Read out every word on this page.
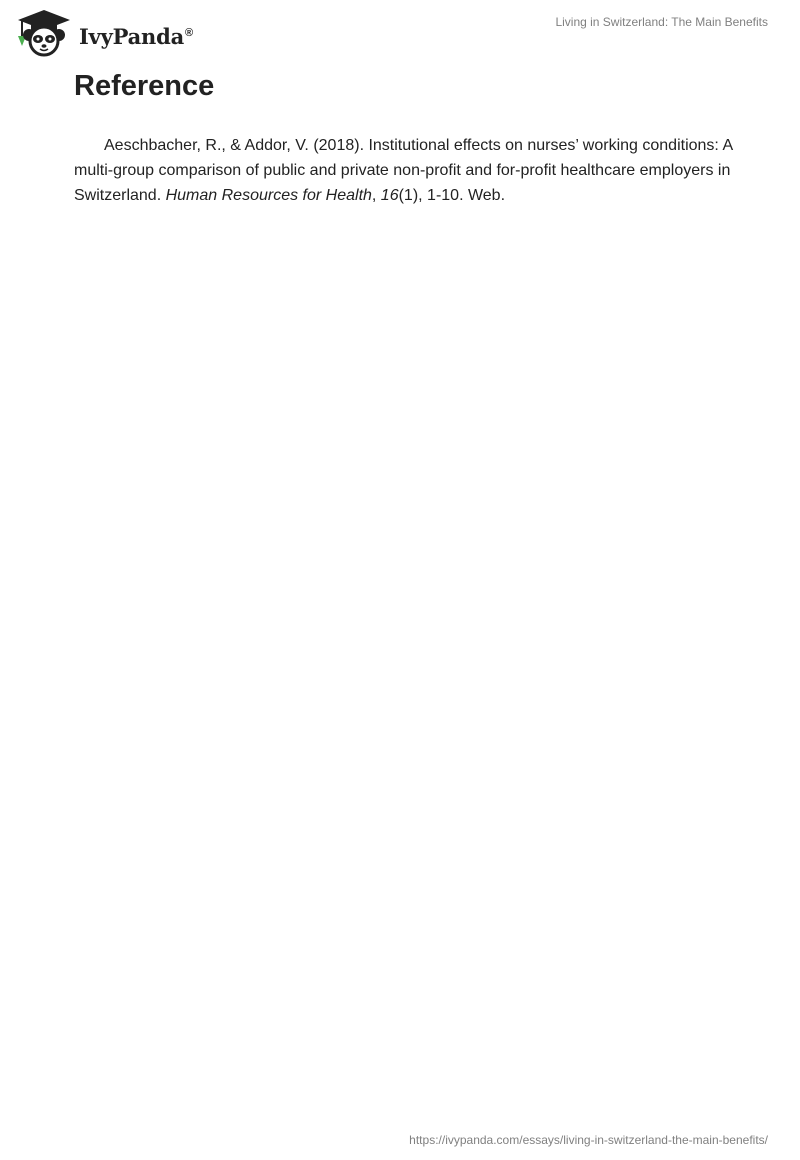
IvyPanda®
Living in Switzerland: The Main Benefits
Reference

Aeschbacher, R., & Addor, V. (2018). Institutional effects on nurses’ working conditions: A multi-group comparison of public and private non-profit and for-profit healthcare employers in Switzerland. Human Resources for Health, 16(1), 1-10. Web.

https://ivypanda.com/essays/living-in-switzerland-the-main-benefits/
